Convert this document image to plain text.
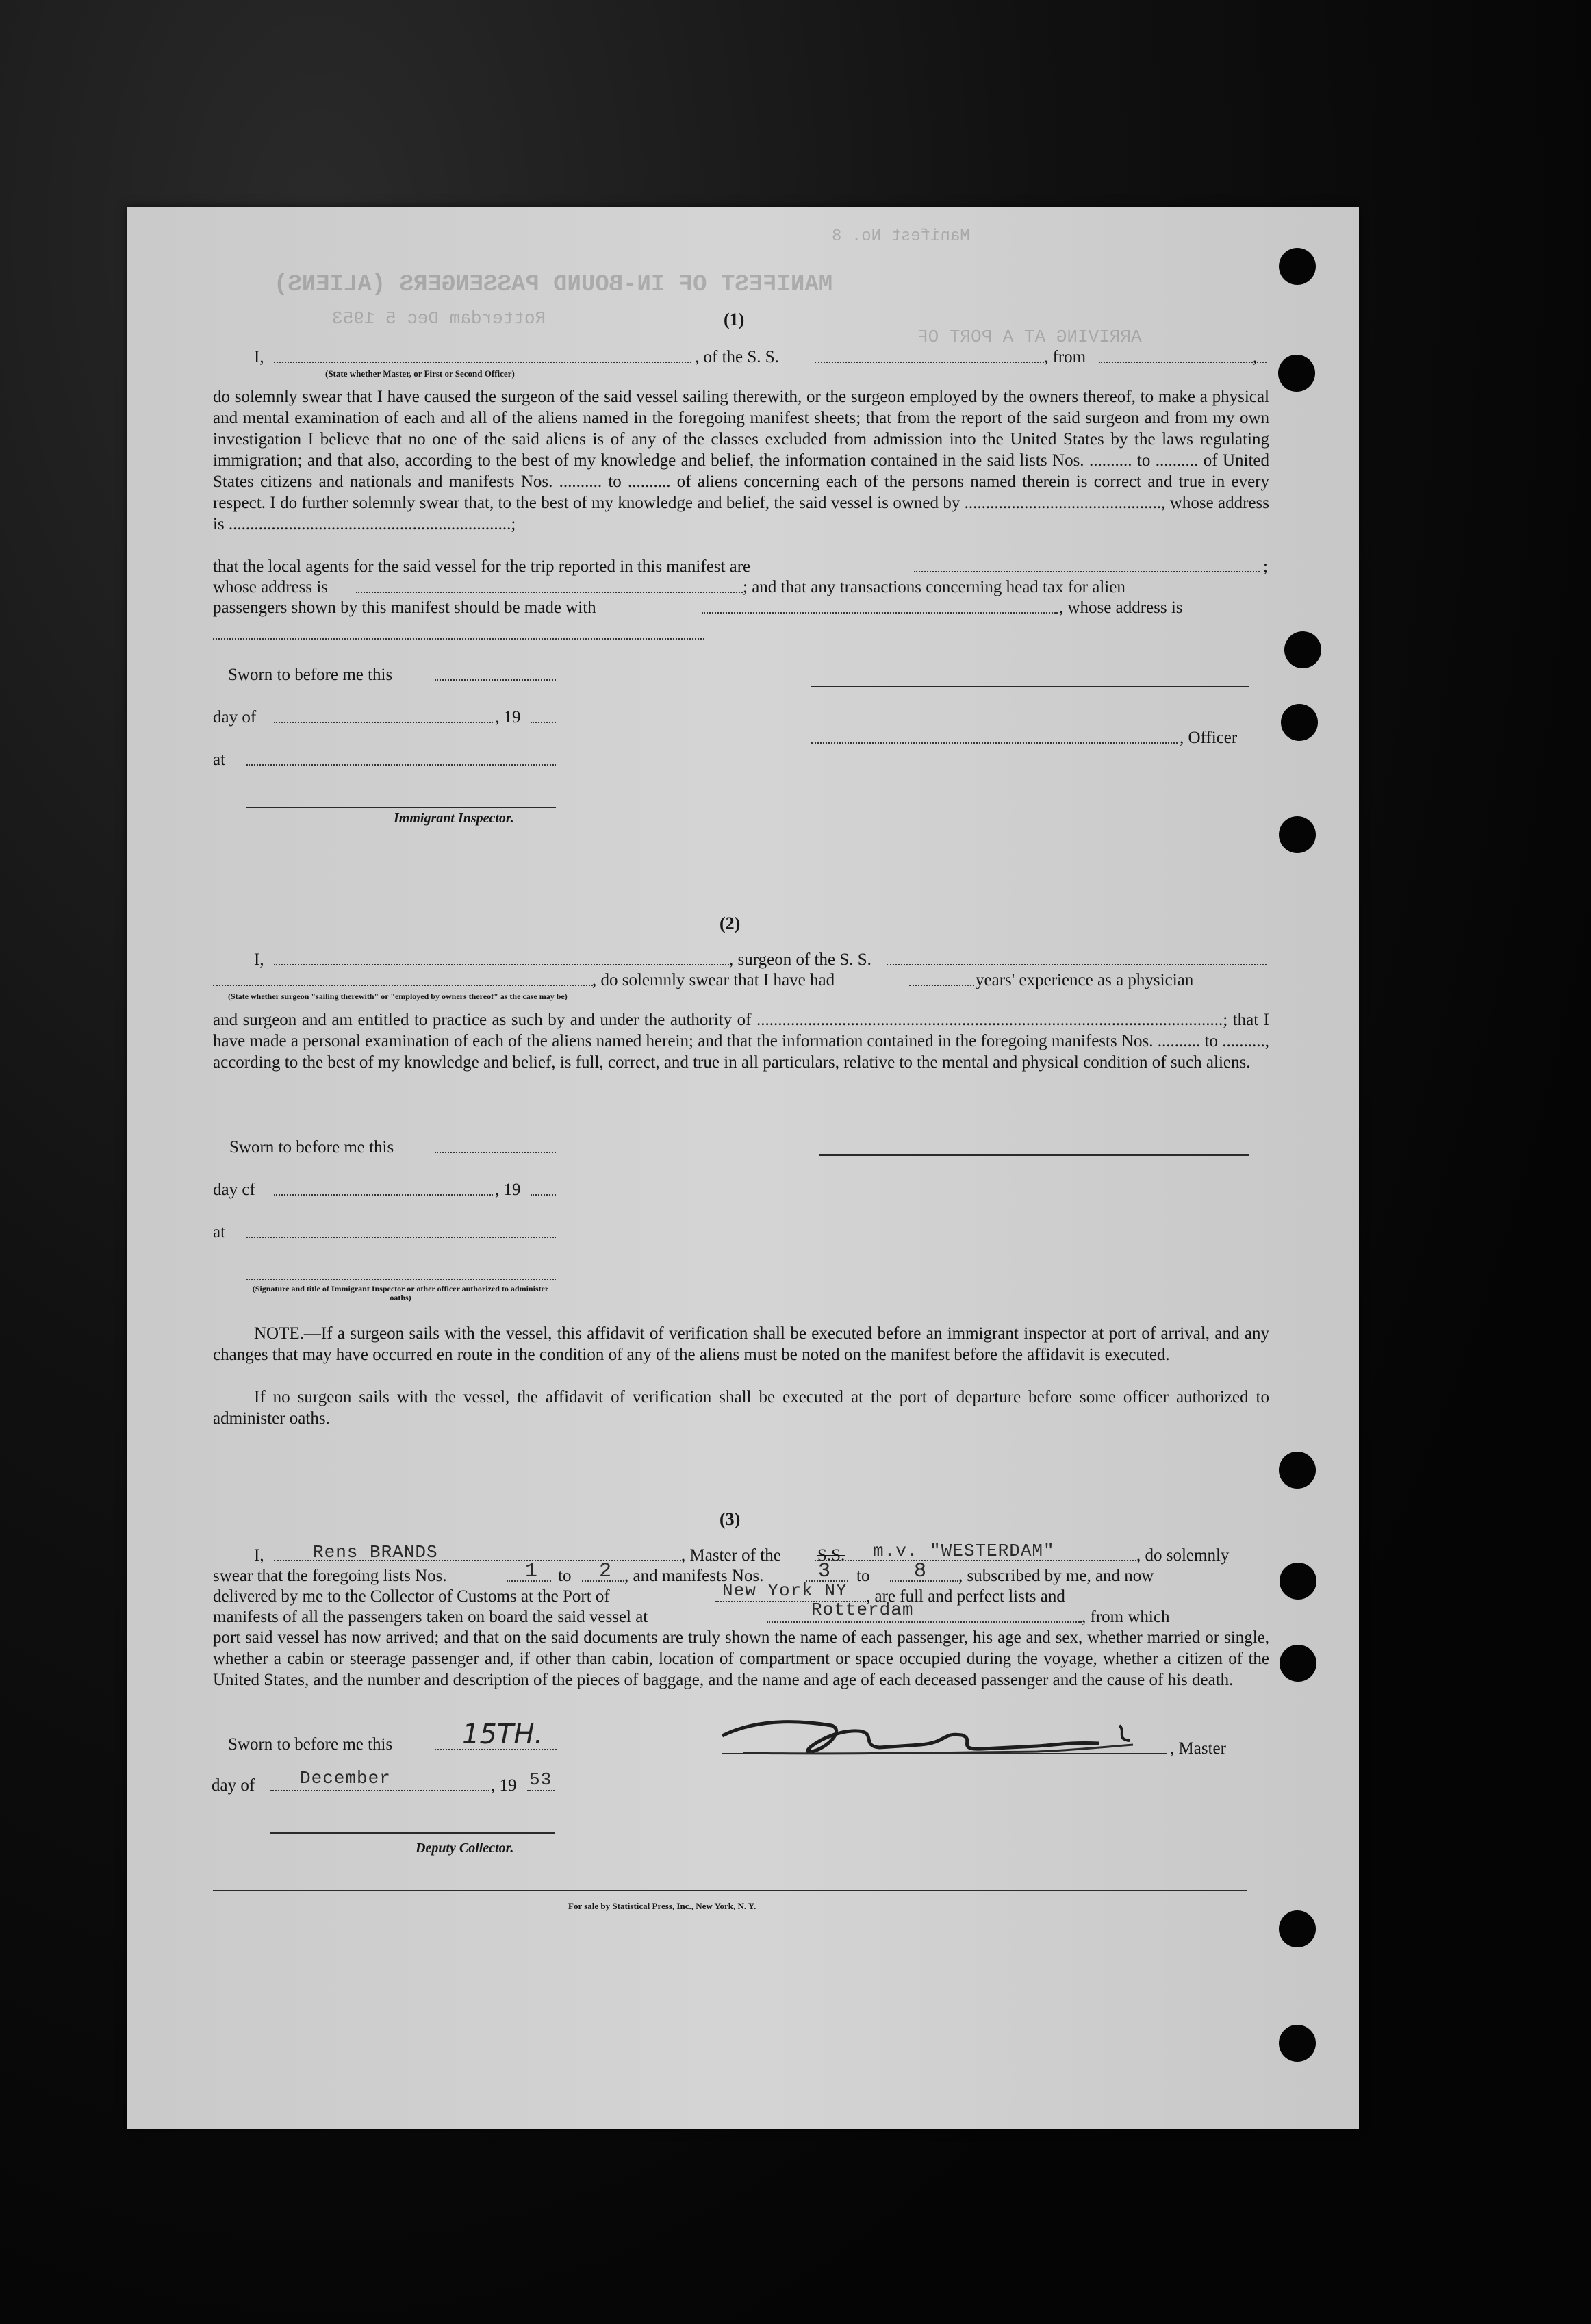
Manifest No. 8
MANIFEST OF IN-BOUND PASSENGERS (ALIENS)
Rotterdam Dec 5 1953
ARRIVING AT A PORT OF
(1)
I,
(State whether Master, or First or Second Officer)
, of the S. S.	, from	,
do solemnly swear that I have caused the surgeon of the said vessel sailing therewith, or the surgeon employed by the owners thereof, to make a physical and mental examination of each and all of the aliens named in the foregoing manifest sheets; that from the report of the said surgeon and from my own investigation I believe that no one of the said aliens is of any of the classes excluded from admission into the United States by the laws regulating immigration; and that also, according to the best of my knowledge and belief, the information contained in the said lists Nos. .......... to .......... of United States citizens and nationals and manifests Nos. .......... to .......... of aliens concerning each of the persons named therein is correct and true in every respect. I do further solemnly swear that, to the best of my knowledge and belief, the said vessel is owned by .............................................., whose address is ..................................................................;
that the local agents for the said vessel for the trip reported in this manifest are	;
whose address is	; and that any transactions concerning head tax for alien
passengers shown by this manifest should be made with	, whose address is
Sworn to before me this
day of	, 19
at
Immigrant Inspector.
, Officer
(2)
I,	, surgeon of the S. S.
, do solemnly swear that I have had	years' experience as a physician
(State whether surgeon "sailing therewith" or "employed by owners thereof" as the case may be)
and surgeon and am entitled to practice as such by and under the authority of .............................................................................................................; that I have made a personal examination of each of the aliens named herein; and that the information contained in the foregoing manifests Nos. .......... to .........., according to the best of my knowledge and belief, is full, correct, and true in all particulars, relative to the mental and physical condition of such aliens.
Sworn to before me this
day cf	, 19
at
(Signature and title of Immigrant Inspector or other officer authorized to administer oaths)
NOTE.—If a surgeon sails with the vessel, this affidavit of verification shall be executed before an immigrant inspector at port of arrival, and any changes that may have occurred en route in the condition of any of the aliens must be noted on the manifest before the affidavit is executed.
If no surgeon sails with the vessel, the affidavit of verification shall be executed at the port of departure before some officer authorized to administer oaths.
(3)
I,	Rens BRANDS	, Master of the S.S. m.v. "WESTERDAM"	, do solemnly
swear that the foregoing lists Nos.	1 to 2 , and manifests Nos.	3 to 8 , subscribed by me, and now
delivered by me to the Collector of Customs at the Port of	New York NY , are full and perfect lists and
manifests of all the passengers taken on board the said vessel at	Rotterdam	, from which
port said vessel has now arrived; and that on the said documents are truly shown the name of each passenger, his age and sex, whether married or single, whether a cabin or steerage passenger and, if other than cabin, location of compartment or space occupied during the voyage, whether a citizen of the United States, and the number and description of the pieces of baggage, and the name and age of each deceased passenger and the cause of his death.
Sworn to before me this	15TH.	, Master
day of	December	, 19 53
Deputy Collector.
For sale by Statistical Press, Inc., New York, N. Y.
